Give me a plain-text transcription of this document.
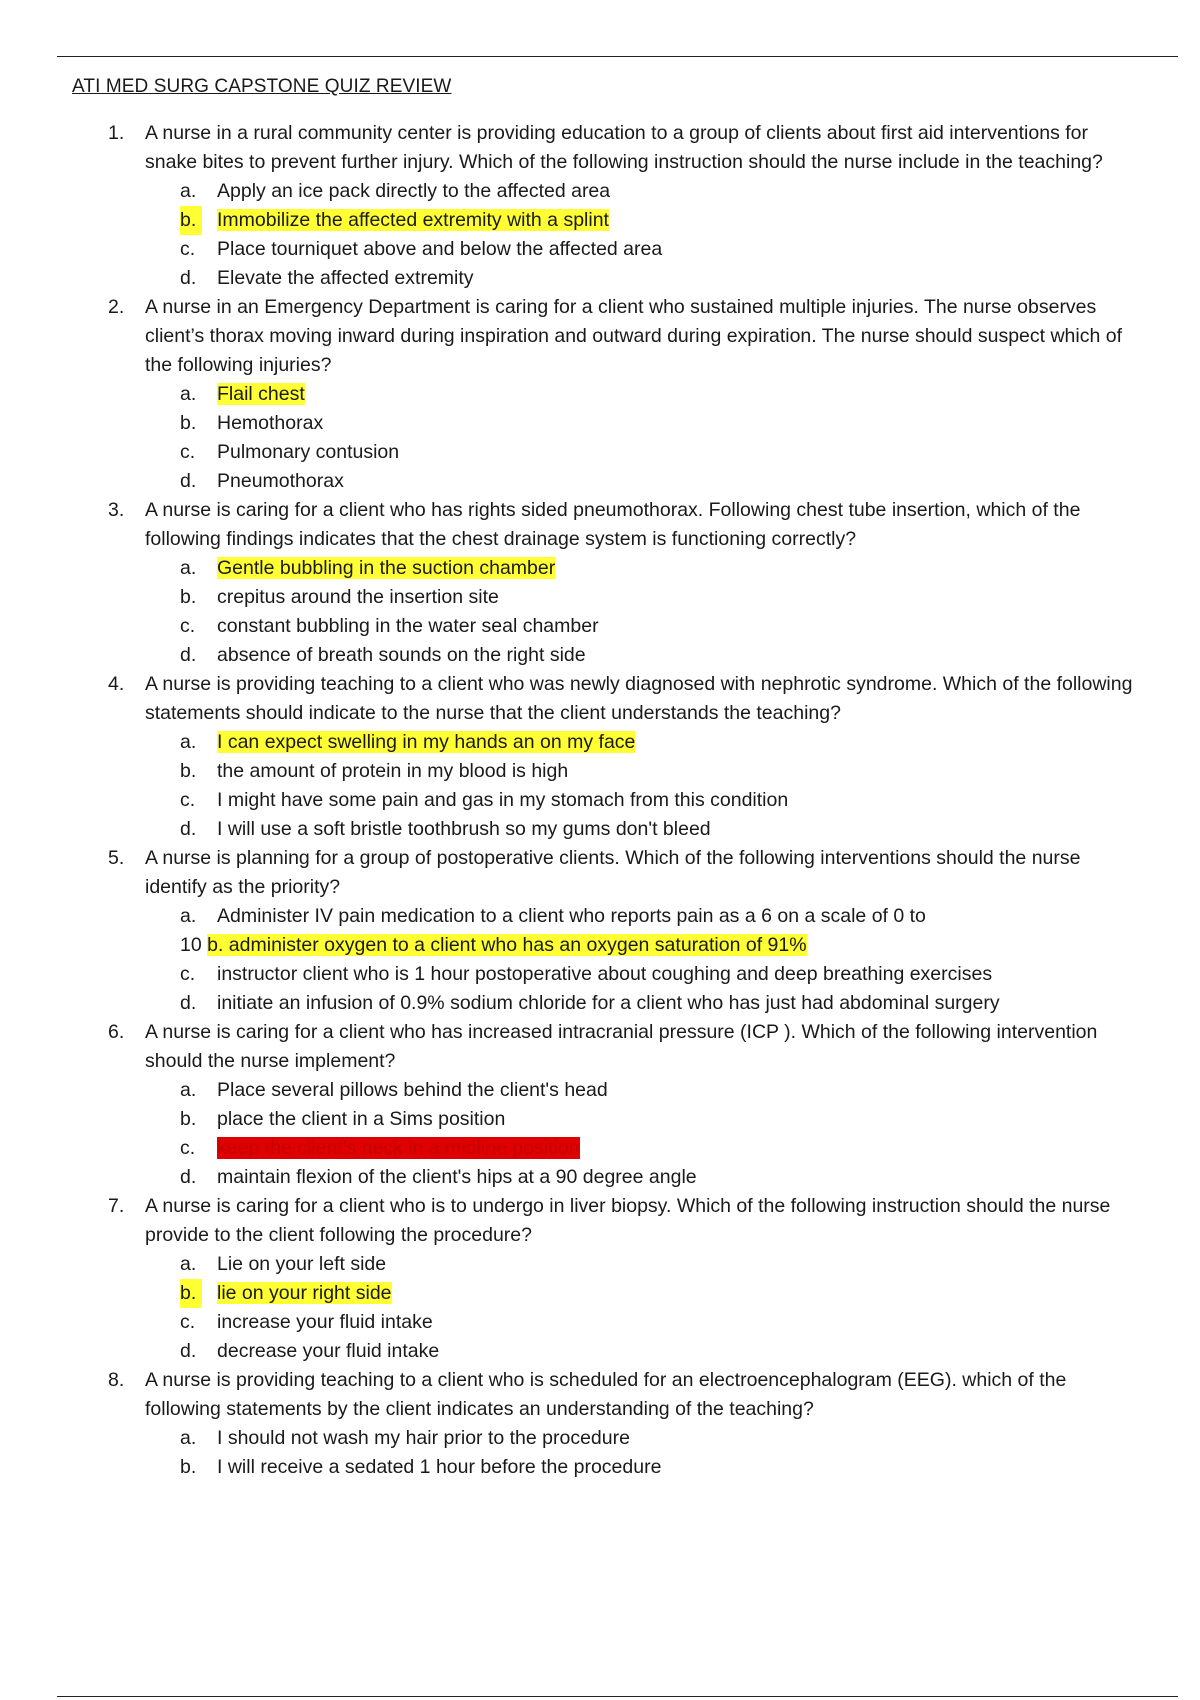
ATI MED SURG CAPSTONE QUIZ REVIEW
1. A nurse in a rural community center is providing education to a group of clients about first aid interventions for snake bites to prevent further injury. Which of the following instruction should the nurse include in the teaching?
a. Apply an ice pack directly to the affected area
b.	Immobilize the affected extremity with a splint
c. Place tourniquet above and below the affected area
d. Elevate the affected extremity
2. A nurse in an Emergency Department is caring for a client who sustained multiple injuries. The nurse observes client’s thorax moving inward during inspiration and outward during expiration. The nurse should suspect which of the following injuries?
a. Flail chest
b. Hemothorax
c. Pulmonary contusion
d. Pneumothorax
3. A nurse is caring for a client who has rights sided pneumothorax. Following chest tube insertion, which of the following findings indicates that the chest drainage system is functioning correctly?
a. Gentle bubbling in the suction chamber
b. crepitus around the insertion site
c. constant bubbling in the water seal chamber
d. absence of breath sounds on the right side
4. A nurse is providing teaching to a client who was newly diagnosed with nephrotic syndrome. Which of the following statements should indicate to the nurse that the client understands the teaching?
a. I can expect swelling in my hands an on my face
b. the amount of protein in my blood is high
c. I might have some pain and gas in my stomach from this condition
d. I will use a soft bristle toothbrush so my gums don't bleed
5. A nurse is planning for a group of postoperative clients. Which of the following interventions should the nurse identify as the priority?
a. Administer IV pain medication to a client who reports pain as a 6 on a scale of 0 to
10 b. administer oxygen to a client who has an oxygen saturation of 91%
c. instructor client who is 1 hour postoperative about coughing and deep breathing exercises
d. initiate an infusion of 0.9% sodium chloride for a client who has just had abdominal surgery
6. A nurse is caring for a client who has increased intracranial pressure (ICP ). Which of the following intervention should the nurse implement?
a. Place several pillows behind the client's head
b. place the client in a Sims position
c. keep the client's neck in a midline position
d. maintain flexion of the client's hips at a 90 degree angle
7. A nurse is caring for a client who is to undergo in liver biopsy. Which of the following instruction should the nurse provide to the client following the procedure?
a. Lie on your left side
b.	lie on your right side
c. increase your fluid intake
d. decrease your fluid intake
8. A nurse is providing teaching to a client who is scheduled for an electroencephalogram (EEG). which of the following statements by the client indicates an understanding of the teaching?
a. I should not wash my hair prior to the procedure
b. I will receive a sedated 1 hour before the procedure
